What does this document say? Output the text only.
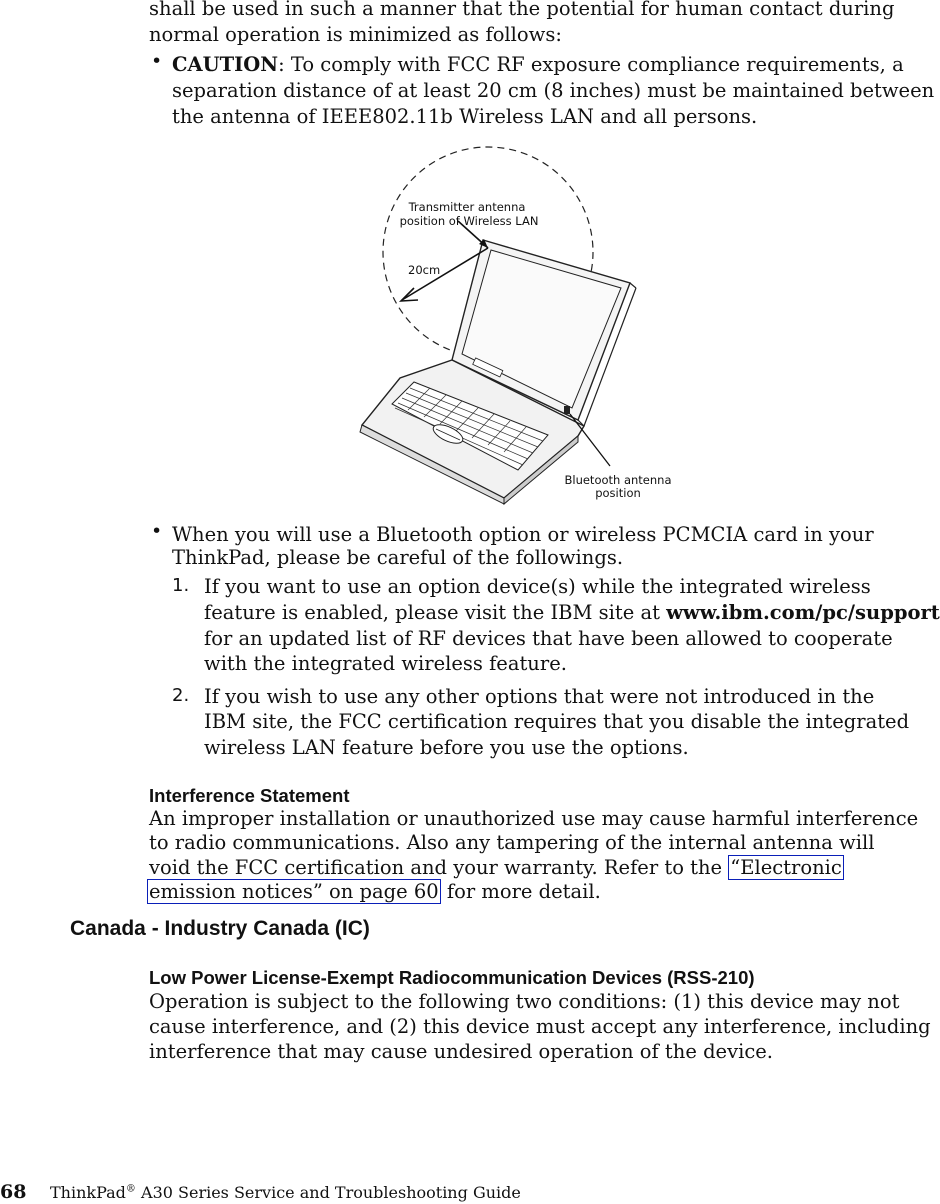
shall be used in such a manner that the potential for human contact during
normal operation is minimized as follows:
• CAUTION: To comply with FCC RF exposure compliance requirements, a
separation distance of at least 20 cm (8 inches) must be maintained between
the antenna of IEEE802.11b Wireless LAN and all persons.
Transmitter antenna
position of Wireless LAN
20cm
Bluetooth antenna
position
• When you will use a Bluetooth option or wireless PCMCIA card in your
ThinkPad, please be careful of the followings.
1. If you want to use an option device(s) while the integrated wireless
feature is enabled, please visit the IBM site at www.ibm.com/pc/support
for an updated list of RF devices that have been allowed to cooperate
with the integrated wireless feature.
2. If you wish to use any other options that were not introduced in the
IBM site, the FCC certification requires that you disable the integrated
wireless LAN feature before you use the options.
Interference Statement
An improper installation or unauthorized use may cause harmful interference
to radio communications. Also any tampering of the internal antenna will
void the FCC certification and your warranty. Refer to the “Electronic
emission notices” on page 60 for more detail.
Canada - Industry Canada (IC)
Low Power License-Exempt Radiocommunication Devices (RSS-210)
Operation is subject to the following two conditions: (1) this device may not
cause interference, and (2) this device must accept any interference, including
interference that may cause undesired operation of the device.
68 ThinkPad® A30 Series Service and Troubleshooting Guide
